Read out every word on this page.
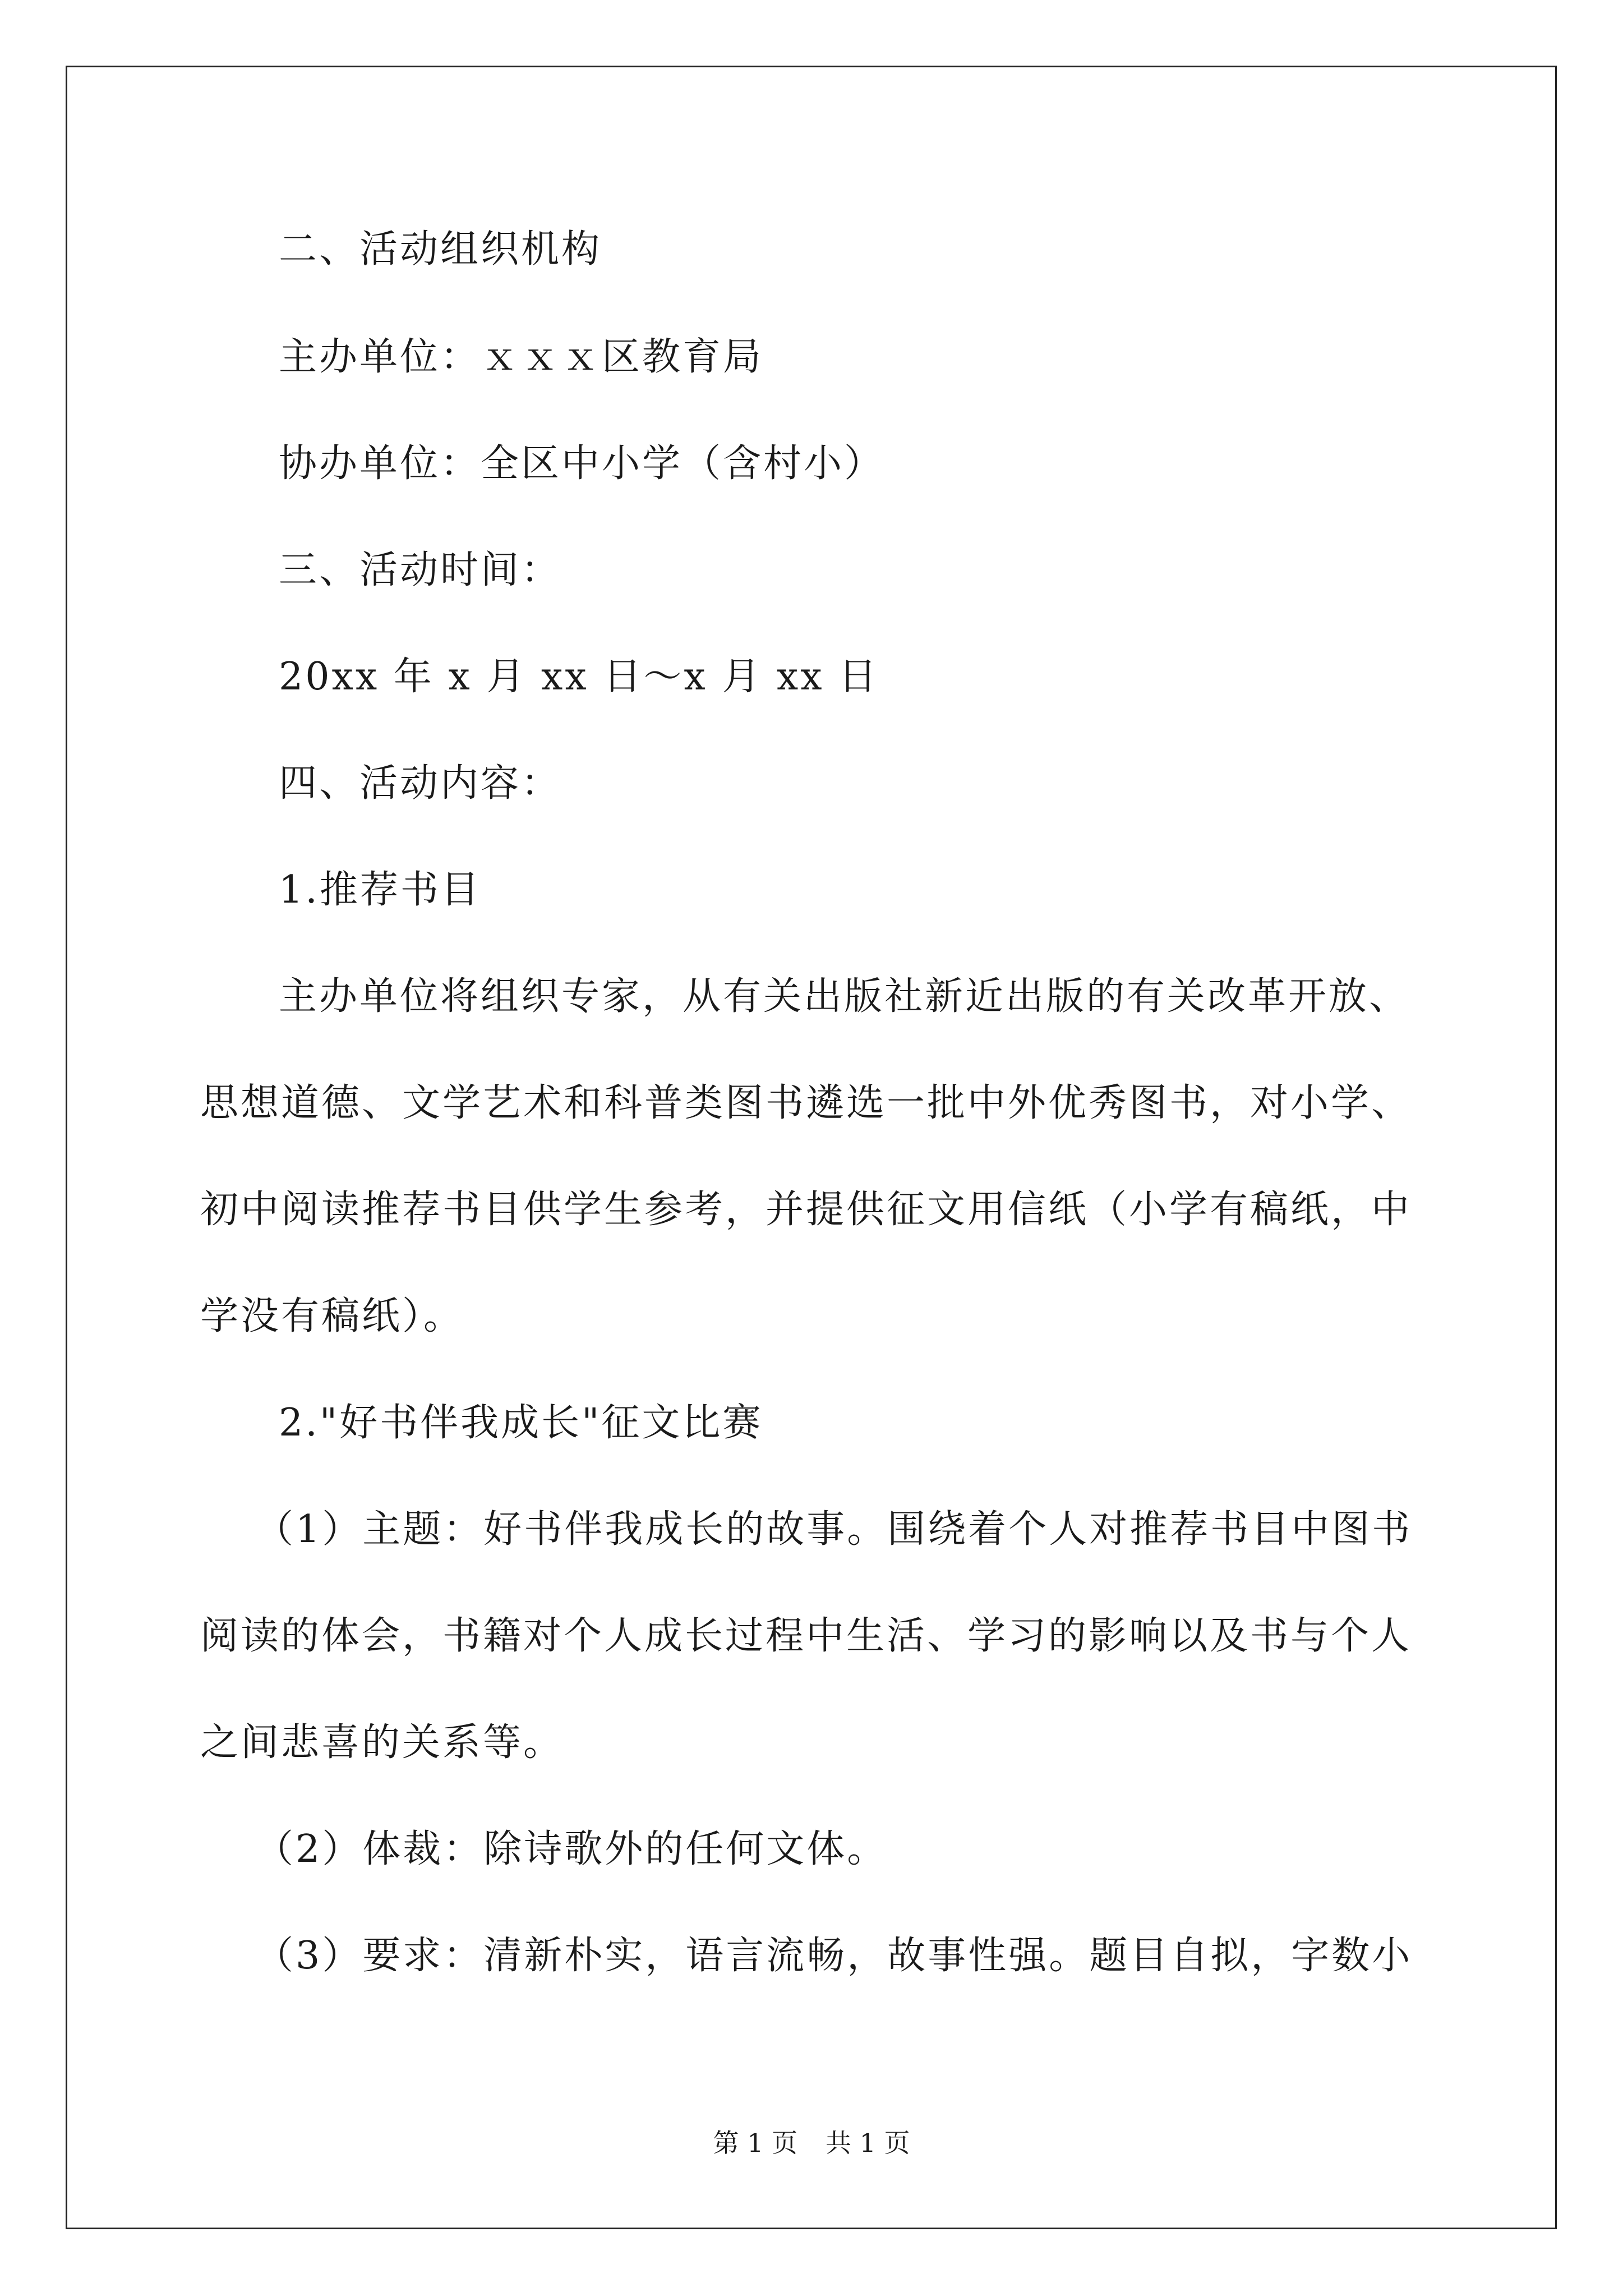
二、活动组织机构
主办单位：ｘｘｘ区教育局
协办单位：全区中小学（含村小）
三、活动时间：
20xx 年 x 月 xx 日～x 月 xx 日
四、活动内容：
1.推荐书目
主办单位将组织专家，从有关出版社新近出版的有关改革开放、
思想道德、文学艺术和科普类图书遴选一批中外优秀图书，对小学、
初中阅读推荐书目供学生参考，并提供征文用信纸（小学有稿纸，中
学没有稿纸）。
2."好书伴我成长"征文比赛
（1）主题：好书伴我成长的故事。围绕着个人对推荐书目中图书
阅读的体会，书籍对个人成长过程中生活、学习的影响以及书与个人
之间悲喜的关系等。
（2）体裁：除诗歌外的任何文体。
（3）要求：清新朴实，语言流畅，故事性强。题目自拟，字数小
第 1 页 共 1 页
